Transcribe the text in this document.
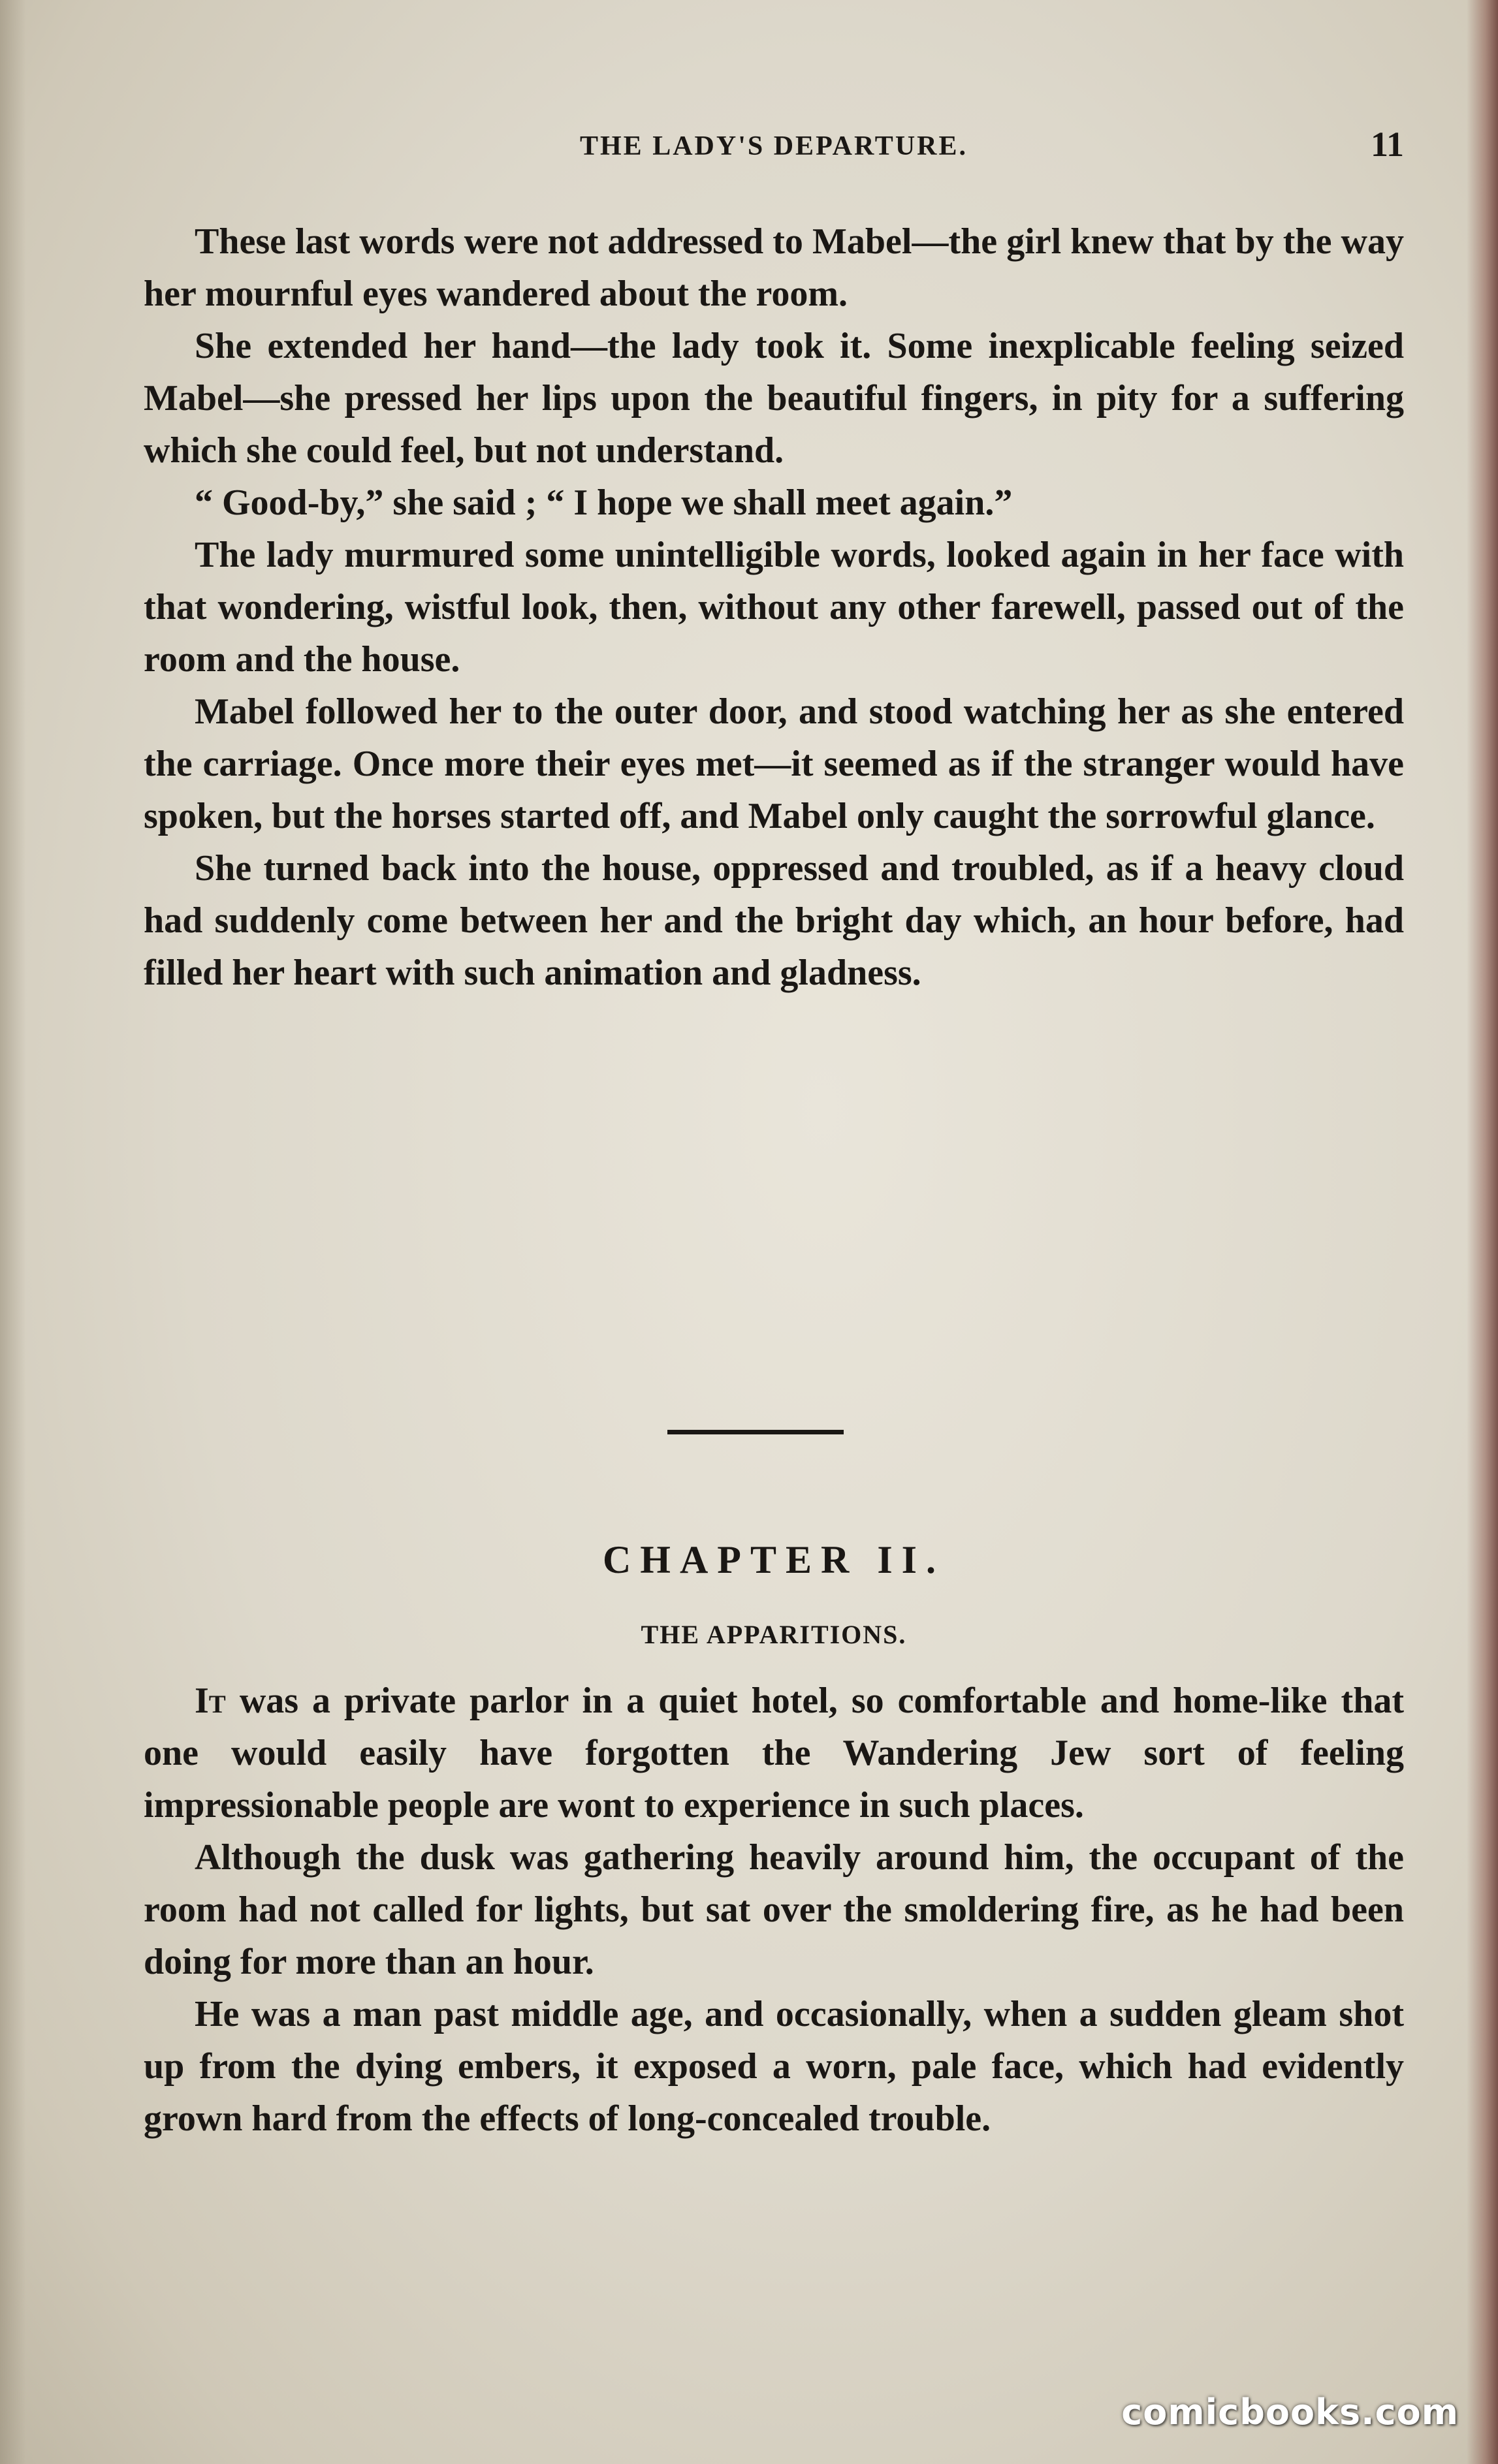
THE LADY'S DEPARTURE.	11

These last words were not addressed to Mabel—the girl knew that by the way her mournful eyes wandered about the room.

She extended her hand—the lady took it. Some inexplicable feeling seized Mabel—she pressed her lips upon the beautiful fingers, in pity for a suffering which she could feel, but not understand.

“ Good-by,” she said ; “ I hope we shall meet again.”

The lady murmured some unintelligible words, looked again in her face with that wondering, wistful look, then, without any other farewell, passed out of the room and the house.

Mabel followed her to the outer door, and stood watching her as she entered the carriage. Once more their eyes met—it seemed as if the stranger would have spoken, but the horses started off, and Mabel only caught the sorrowful glance.

She turned back into the house, oppressed and troubled, as if a heavy cloud had suddenly come between her and the bright day which, an hour before, had filled her heart with such animation and gladness.

CHAPTER II.
THE APPARITIONS.

It was a private parlor in a quiet hotel, so comfortable and home-like that one would easily have forgotten the Wandering Jew sort of feeling impressionable people are wont to experience in such places.

Although the dusk was gathering heavily around him, the occupant of the room had not called for lights, but sat over the smoldering fire, as he had been doing for more than an hour.

He was a man past middle age, and occasionally, when a sudden gleam shot up from the dying embers, it exposed a worn, pale face, which had evidently grown hard from the effects of long-concealed trouble.

comicbooks.com
